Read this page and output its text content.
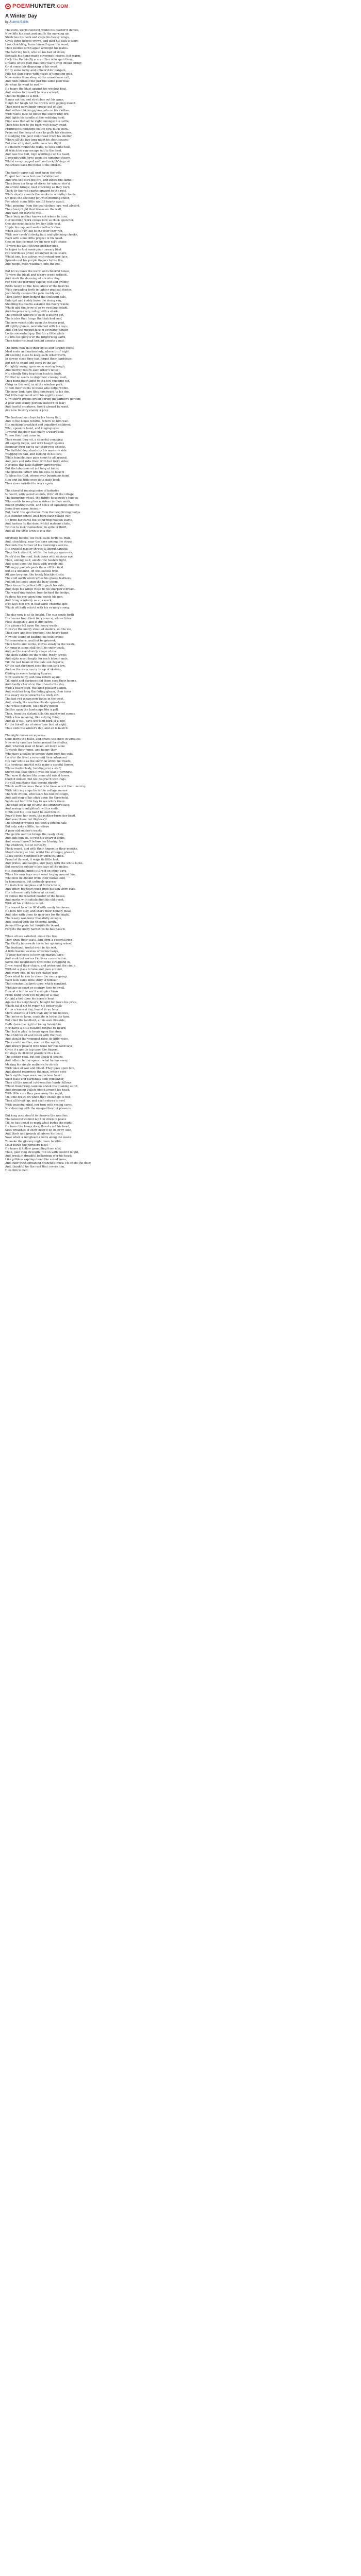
POEMHUNTER.COM
A Winter Day

by Joanna Baillie

The cock, warm roosting 'midst his feather'd dames,
Now lifts his beak and snuffs the morning air,
Stretches his neck and claps his heavy wings,
Gives three hoarse crows, and glad his task is done;
Low, chuckling, turns himself upon the roost,
Then nestles down again amongst his mates.
The lab'ring hind, who on his bed of straw,
Beneath his home-made coverings, coarse, but warm,
Lock'd in the kindly arms of her who spun them,
Dreams of the gain that next year's crop should bring;
Or at some fair disposing of his wool,
Or by some lucky and unlook'd-for bargain,
Fills his skin purse with heaps of tempting gold,
Now wakes from sleep at the unwelcome call,
And finds himself but just the same poor man
As when he went to rest.—
He hears the blast against his window beat,
And wishes to himself he were a laird,
That he might lie a-bed.—
It may not be; and stretches out his arms,
Heigh ho! heigh ho! he drawls with gaping mouth,
Then most unwillingly creeps out of bed,
And without looking-glass puts on his clothes.
With rueful face he blows the smoth'ring fire,
And lights his candle at the reddning coal;
First sees that all be right amongst his cattle,
Then hies him to the barn with heavy tread;
Printing his footsteps on the new-fall'n snow.
From out the heap of corn he pulls his sheaves,
Dislodging the poor red-breast from his shelter,
Where all the live-long night he slept secure;
But now afrighted, with uncertain flight
He flutters round the walls, to seek some hole,
At which he may escape out to the frost.
And now the flail, high whirling o'er his head,
Descends with force upon the jumping sheave,
Whilst every rugged wall, and neighb'ring cot
Re-echoes back the noise of his strokes.
The fam'ly cares call next upon the wife
To quit her mean but comfortable bed.
And first she stirs the fire, and blows the flame,
Then from her heap of sticks for winter stor'd,
An armful brings; loud crackling as they burn,
Thick fly the red sparks upward to the roof,
While slowly mounts the smoke in wreathy clouds.
On goes the seething pot with morning cheer,
For which some little wistful hearts await;
Who, peeping from the bed-clothes, spy, well pleas'd,
The cheery light that blazes on the wall,
And bawl for leave to rise.—
Their busy mother knows not where to turn,
Her morning work comes now so thick upon her.
One she must help to tye her little coat,
Unpin his cap, and seek another's shoe.
When all is o'er, out to the door they run,
With new comb'd sleeky hair, and glist'ning cheeks,
Each with some little project in his head.
One on the ice must try his new sol'd shoes:
To view his well-set trap another hies,
In hopes to find some poor unwary bird
(No worthless prize) entangled in his snare;
Whilst one, less active, with round rosy face,
Spreads out his purple fingers to the fire,
And peeps, most wishfully, into the pot.
But let us leave the warm and cheerful house,
To view the bleak and dreary scene without,
And mark the dawning of a winter day.
For now the morning vapour, red and grumly,
Rests heavy on the hills; and o'er the heav'ns
Wide spreading forth in lighter gradual shades,
Just faintly colours the pale muddy sky.
Then slowly from behind the southern hills,
Enlarg'd and ruddy looks the rising sun,
Shooting his beams askance the hoary waste,
Which gild the brow of ev'ry swelling height,
And deepen every valley with a shade.
The crusted window of each scatter'd cot,
The icicles that fringe the thatched roof,
The new-swept slide upon the frozen pool,
All lightly glance, new kindled with his rays;
And e'en the rugged face of scowling Winter
Looks somewhat gay. But for a little while
He lifts his glory o'er the bright'ning earth,
Then hides his head behind a misty cloud.
The birds now quit their holes and lurking sheds,
Most mute and melancholy, where thro' night
All nestling close to keep each other warm,
In downy sleep they had forgot their hardships;
But not to chant and carol in the air,
Or lightly swing upon some waving bough,
And merrily return each other's notes;
No; silently they hop from bush to bush,
Yet find no seeds to stop their craving want,
Then bend their flight to the low smoking cot,
Chirp on the roof, or at the window peck,
To tell their wants to those who lodge within.
The poor lank hare flies homeward to his den,
But little burthen'd with his nightly meal
Of wither'd greens grubb'd from the farmer's garden;
A poor and scanty portion snatch'd in fear;
And fearful creatures, forc'd abroad by want,
Are now to ev'ry enemy a prey.
The husbandman lays by his heavy flail,
And to the house returns, where on him wait
His smoking breakfast and impatient children;
Who, spoon in hand, and longing eyes,
Towards the door cast many a weary look
To see their dad come in.
Then round they sit, a cheerful company;
All eagerly begin, and with heap'd spoons
Besmear from ear to ear their rosy cheeks.
The faithful dog stands by his master's side
Wagging his tail, and looking in his face;
While humble puss pays court to all around,
And purs and rubs them with her furry sides;
Nor goes this little flattery unrewarded.
But the laborious sit not long at table;
The grateful father lifts his eyes to heav'n
To bless his God, whose ever bounteous hand
Him and his little ones doth daily feed;
Then rises satisfied to work again.
The cheerful rousing noise of industry
Is heard, with varied sounds, thro' all the village.
The humming wheel, the thrifty housewife's tongue,
Who scolds to keep her maidens to their work,
Rough grating cards, and voice of squalling children
Issue from every house.—
But, hark! the sportsman from the neighb'ring hedge
His thunder sends! loud bark each village cur;
Up from her cards the wond'ring maiden starts,
And hastens to the door, whilst matrons chide,
Yet run to look themselves, in spite of thrift,
And all the little town is in a stir.
Strutting before, the cock leads forth his train,
And, chuckling, near the barn among the straw,
Reminds the farmer of his morning's service.
His grateful master throws a liberal handful;
They flock about it, whilst the hungry sparrows,
Perch'd on the roof, look down with envious eye,
Then, aiming well, amidst the feeders light,
And seize upon the feast with greedy bill,
Till angry partlets peck them off the field.
But at a distance, on the leafless tree,
All woe be-gone, the lonely blackbird sits;
The cold north wind ruffles his glossy feathers;
Full oft he looks upon the busy scene,
Then turns his yellow bill to peck his side,
And claps his wings close to his sharpen'd breast.
The wand'ring fowler, from behind the hedge,
Fastens his eye upon him, points his gun,
And firing wantonly as at a mark,
E'en lays him low in that same cheerful spot
Which oft hath echo'd with his ev'ning's song.
The day now is at its height. The sun sends forth
His beams from their fiery source, whose tides
Flow sluggishly, and in dim lustre
His gleams fall upon the hoary waste;
Howe'er the merry shout of skaters, on the ice,
Then sure and less frequent, the heavy hand
Now the sound of beating his loud brook;
Yet somewhere, and but be grieved,
Then turns and works, moves slowly in the waste,
Or hung in some chill drift his snow-track,
And, as the ever-hourly shape of eve
The dark outline on the white, frosty lawns;
And sighs most deeply, for each labour ends,
Till the last beam of the pale sun departs;
Or the sad shepherd sees the sun sink low,
And on the ice a merry troop of skaters,
Gliding in ever-changing figures,
Now seem to fly, and now return again,
Till night and darkness bid them seek their homes.
And fondly cherish in their hearts the day.
With a heavy sigh, the aged peasant stands,
And watches long the fading gleam, then turns
His weary steps towards his lowly cot.
The last red gleam now fades in the west,
And, slowly, the sombre clouds spread o'er
The whole horizon, till a heavy gloom
Settles upon the landscape like a pall.
Then, from the distant hills the night-wind comes,
With a low moaning, like a dying thing,
And all is still, save the faint bark of a dog,
Or the far-off cry of some lone bird of night.
Thus ends the winter's day, and all is hush'd.
The night comes on a-pace—
Chill blows the blast, and drives the snow in wreaths;
Now ev'ry creature looks around for shelter,
And, whether man or beast, all move alike
Towards their home, and happy they
Who have a house to screen them from the cold.
Lo, o'er the frost a reverend form advances!
His hair white as the snow on which he treads,
His forehead mark'd with many a careful furrow,
Whose feeble body, bending o'er a staff,
Shews still that once it was the seat of strength,
Tho' now it shakes like some old ruin'd tower.
Cloth'd indeed, but not disgrac'd with rags,
He still maintains that decent dignity
Which well becomes those who have serv'd their country.
With tott'ring steps he to the cottage moves:
The wife within, who hears his hollow cough,
And patt'ring of his stick upon the threshold,
Sends out her little boy to see who's there.
The child looks up to view the stranger's face,
And seeing it enlighten'd with a smile,
Holds out his little hand to lead him in.
Rous'd from her work, the mother turns her head,
And sees them, not ill-pleas'd.
The stranger whines not with a piteous tale,
But only asks a little, to relieve
A poor old soldier's wants.
The gentle matron brings the ready chair,
And bids him sit, to rest his weary'd limbs,
And warm himself before her blazing fire.
The children, full of curiosity,
Flock round, and with their fingers in their mouths,
Stand staring at him; whilst the stranger, pleas'd,
Takes up the youngest boy upon his knee.
Proud of its seat, it wags its little feet,
And prates, and laughs, and plays with the white locks.
But soon the soldier's face lays off its smiles;
His thoughtful mind is turn'd on other days,
When his own boys were wont to play around him,
Who now lie distant from their native land
In honourable, but untimely graves:
He feels how helpless and forlorn he is,
And bitter, big tears gush from his dim-worn eyes.
His toilsome daily labour at an end,
In comes the wearied master of the house,
And marks with satisfaction his old guest,
With all his children round.
His honest heart is fill'd with manly kindness;
He bids him stay, and share their homely meal,
And take with them its quarters for the night.
The weary wanderer thankfully accepts,
And, seated with the cheerful family,
Around the plain but hospitable board,
Forgets the many hardships he has pass'd.
When all are satisfied, about the fire
They draw their seats, and form a cheerful ring.
The thrifty housewife turns her spinning wheel;
The husband, useful even in his rest,
A little basket weaves of willow twigs,
To bear her eggs to town on market days;
And work but serves t'enliven conversation.
Some idle neighbours now come straggling in,
Draw round their chairs, and widen out the circle.
Without a glass to take and pass around,
And every one, in his own native way,
Does what he can to cheer the merry group.
Each tells some little story of himself,
That constant subject upon which mankind,
Whether in court or country, love to dwell.
How at a fair he sav'd a simple clown
From being trick'd in buying of a cow;
Or laid a bet upon his horse's head
Against his neighbour's, bought for twice his price,
Which fail'd not to repay his better skill:
Or on a harvest day, bound in an hour
More sheaves of corn than any of his fellows,
Tho' ne'er so keen, could do in twice the time.
But chief the landlord, at his own fire-side,
Doth claim the right of being listen'd to;
Nor dares a little bawling tongue be heard,
Tho' but in play, to break upon the story.
The children sit and listen with the rest;
And should the youngest raise its little voice,
The careful mother, ever on the watch,
And always pleas'd with what her husband says,
Gives it a gentle tap upon the fingers,
Or stops its ill-tim'd prattle with a kiss.
The soldier next, but not unask'd, begins,
And tells in better speech what he has seen;
Making his simple audience to shrink
With tales of war and blood. They gaze upon him,
And almost reverence the man, whose eyes
Such sights have seen, and whose heart
Such feats and hardships doth remember,
Then all the wound cold-weather hardy fellows
Whilst thund'ring cannons shook the quaking earth,
And streaming bullets hiss'd around his head.
With little care they pass away the night,
Till time draws on when they should go to bed;
Then all break up, and each retires to rest
With peaceful mind, nor torn with vexing cares,
Nor dancing with the unequal beat of pleasure.
But long accustom'd to observe the weather,
The labourer cannot lay him down in peace
Till he has look'd to mark what bodes the night.
He turns the heavy door, thrusts out his head,
Sees wreathes of snow heap'd up on ev'ry side,
And black and grumly all above his head,
Save when a red gleam shoots along the waste
To make the gloomy night more terrible.
Loud blows the northern blast—
He hears it hollow grumbling from afar,
Then, gath'ring strength, roll on with doubl'd might,
And break in dreadful bellowings o'er his head;
Like pithless saplings bend the vexed trees,
And their wide-spreading branches crack. He shuts the door,
And, thankful for the roof that covers him,
Hies him to bed.
